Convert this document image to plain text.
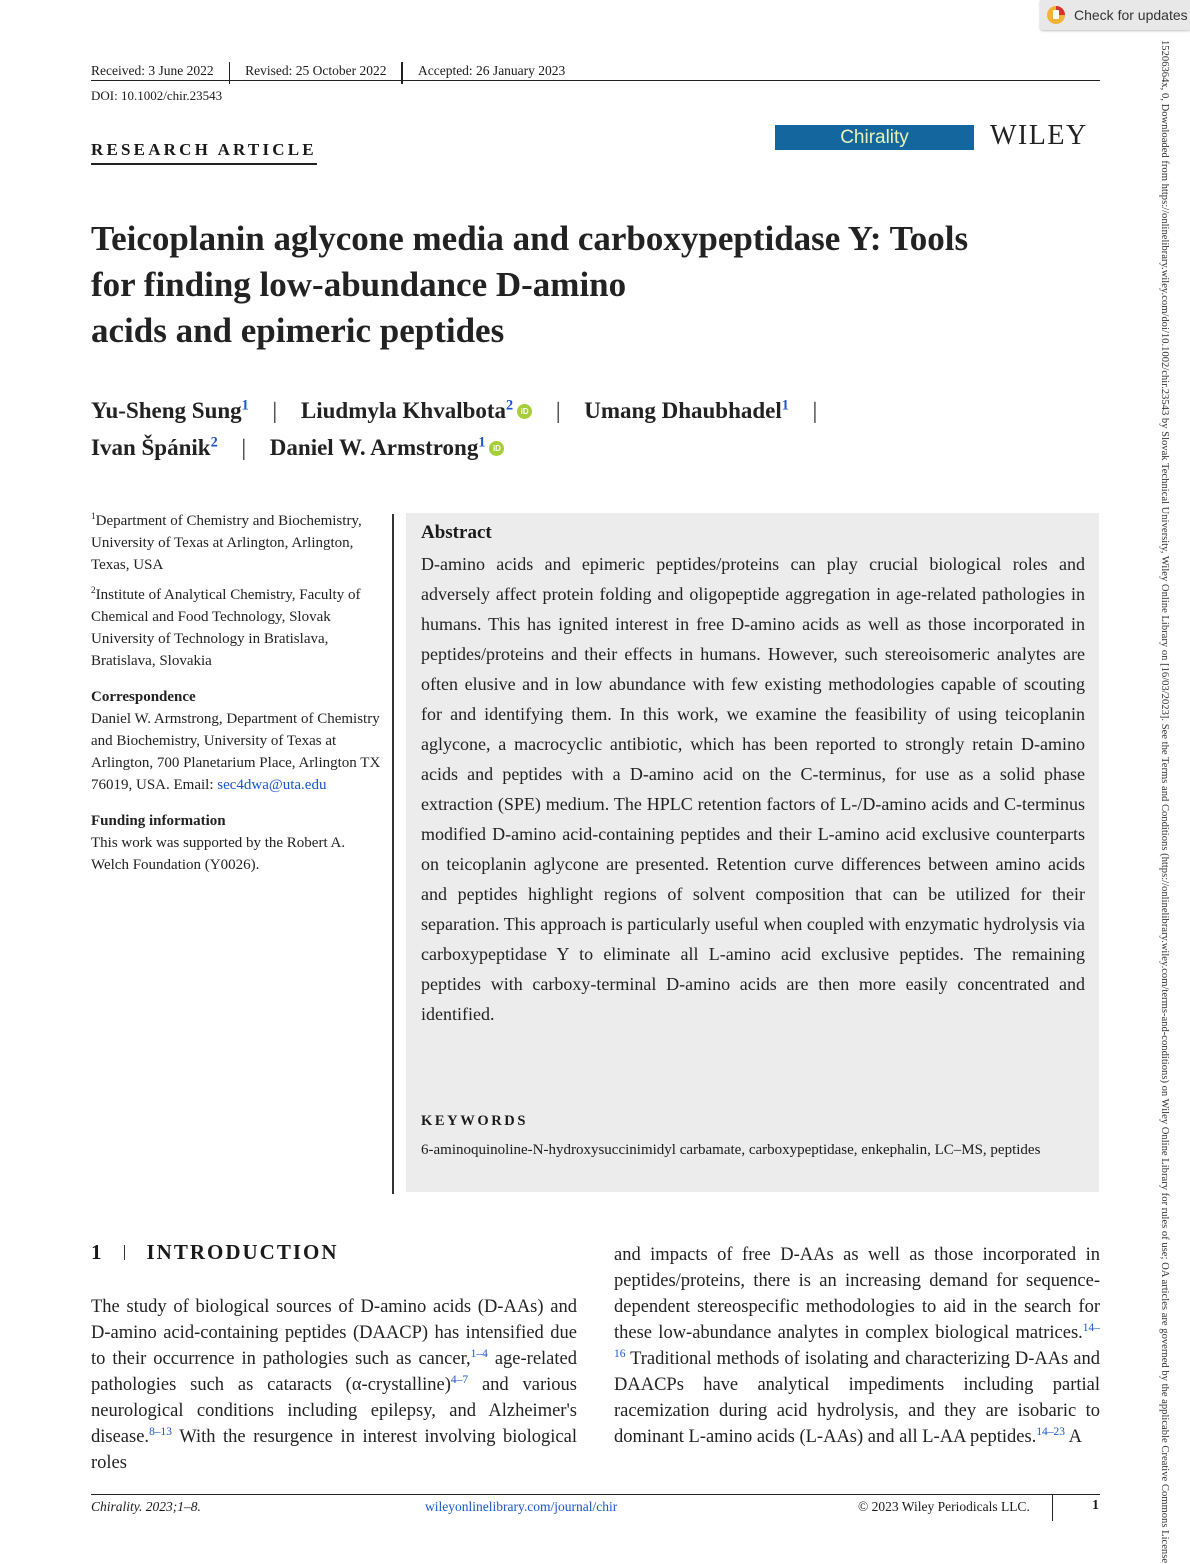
Check for updates
Received: 3 June 2022	Revised: 25 October 2022	Accepted: 26 January 2023
DOI: 10.1002/chir.23543
RESEARCH ARTICLE
Chirality	WILEY
Teicoplanin aglycone media and carboxypeptidase Y: Tools
for finding low-abundance D-amino
acids and epimeric peptides
Yu-Sheng Sung$^1$ | Liudmyla Khvalbota$^2$ iD | Umang Dhaubhadel$^1$ |
Ivan Špánik$^2$ | Daniel W. Armstrong$^1$ iD

$^1$Department of Chemistry and Biochemistry, University of Texas at Arlington, Arlington, Texas, USA

$^2$Institute of Analytical Chemistry, Faculty of Chemical and Food Technology, Slovak University of Technology in Bratislava, Bratislava, Slovakia

Correspondence

Daniel W. Armstrong, Department of Chemistry and Biochemistry, University of Texas at Arlington, 700 Planetarium Place, Arlington TX 76019, USA. Email: sec4dwa@uta.edu

Funding information

This work was supported by the Robert A. Welch Foundation (Y0026).

Abstract
D-amino acids and epimeric peptides/proteins can play crucial biological roles and adversely affect protein folding and oligopeptide aggregation in age-related pathologies in humans. This has ignited interest in free D-amino acids as well as those incorporated in peptides/proteins and their effects in humans. However, such stereoisomeric analytes are often elusive and in low abundance with few existing methodologies capable of scouting for and identifying them. In this work, we examine the feasibility of using teicoplanin aglycone, a macrocyclic antibiotic, which has been reported to strongly retain D-amino acids and peptides with a D-amino acid on the C-terminus, for use as a solid phase extraction (SPE) medium. The HPLC retention factors of L-/D-amino acids and C-terminus modified D-amino acid-containing peptides and their L-amino acid exclusive counterparts on teicoplanin aglycone are presented. Retention curve differences between amino acids and peptides highlight regions of solvent composition that can be utilized for their separation. This approach is particularly useful when coupled with enzymatic hydrolysis via carboxypeptidase Y to eliminate all L-amino acid exclusive peptides. The remaining peptides with carboxy-terminal D-amino acids are then more easily concentrated and identified.
KEYWORDS
6-aminoquinoline-N-hydroxysuccinimidyl carbamate, carboxypeptidase, enkephalin, LC–MS, peptides
1 INTRODUCTION
The study of biological sources of D-amino acids (D-AAs) and D-amino acid-containing peptides (DAACP) has intensified due to their occurrence in pathologies such as cancer,$^{1-4}$ age-related pathologies such as cataracts (α-crystalline)$^{4-7}$ and various neurological conditions including epilepsy, and Alzheimer's disease.$^{8-13}$ With the resurgence in interest involving biological roles
and impacts of free D-AAs as well as those incorporated in peptides/proteins, there is an increasing demand for sequence-dependent stereospecific methodologies to aid in the search for these low-abundance analytes in complex biological matrices.$^{14-16}$ Traditional methods of isolating and characterizing D-AAs and DAACPs have analytical impediments including partial racemization during acid hydrolysis, and they are isobaric to dominant L-amino acids (L-AAs) and all L-AA peptides.$^{14-23}$ A
Chirality. 2023;1–8.	wileyonlinelibrary.com/journal/chir	© 2023 Wiley Periodicals LLC.	1	15206364x, 0, Downloaded from https://onlinelibrary.wiley.com/doi/10.1002/chir.23543 by Slovak Technical University, Wiley Online Library on [16/03/2023]. See the Terms and Conditions (https://onlinelibrary.wiley.com/terms-and-conditions) on Wiley Online Library for rules of use; OA articles are governed by the applicable Creative Commons License
